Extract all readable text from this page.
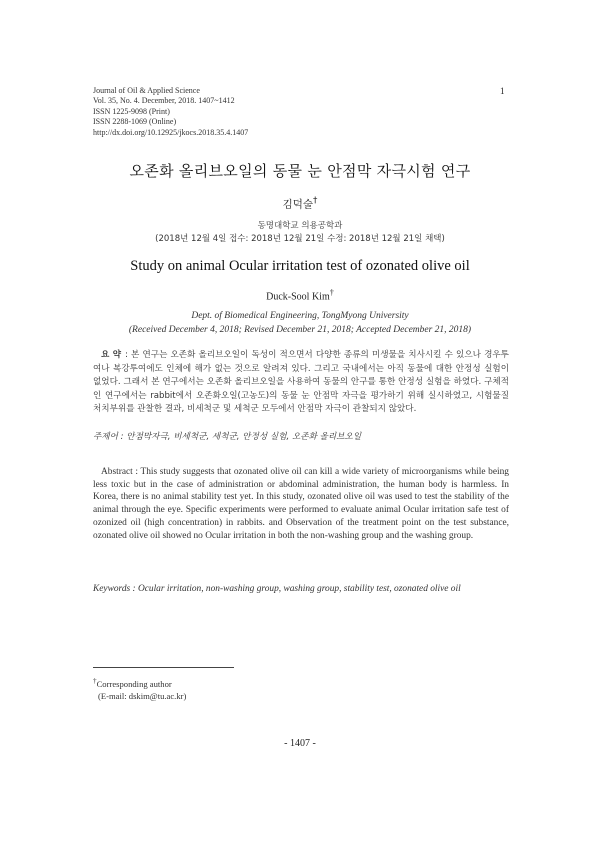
Journal of Oil & Applied Science
Vol. 35, No. 4. December, 2018. 1407~1412
ISSN 1225-9098 (Print)
ISSN 2288-1069 (Online)
http://dx.doi.org/10.12925/jkocs.2018.35.4.1407
1
오존화 올리브오일의 동물 눈 안점막 자극시험 연구
김덕술†
동명대학교 의용공학과
(2018년 12월 4일 접수: 2018년 12월 21일 수정: 2018년 12월 21일 채택)
Study on animal Ocular irritation test of ozonated olive oil
Duck-Sool Kim†
Dept. of Biomedical Engineering, TongMyong University
(Received December 4, 2018; Revised December 21, 2018; Accepted December 21, 2018)
요 약 : 본 연구는 오존화 올리브오일이 독성이 적으면서 다양한 종류의 미생물을 치사시킬 수 있으나 경우투여나 복강투여에도 인체에 해가 없는 것으로 알려져 있다. 그리고 국내에서는 아직 동물에 대한 안정성 실험이 없었다. 그래서 본 연구에서는 오존화 올리브오일을 사용하여 동물의 안구를 통한 안정성 실험을 하였다. 구체적인 연구에서는 rabbit에서 오존화오일(고농도)의 동물 눈 안점막 자극을 평가하기 위해 실시하였고, 시험물질 처치부위를 관찰한 결과, 비세척군 및 세척군 모두에서 안점막 자극이 관찰되지 않았다.
주제어 : 안점막자극, 비세척군, 세척군, 안정성 실험, 오존화 올리브오일
Abstract : This study suggests that ozonated olive oil can kill a wide variety of microorganisms while being less toxic but in the case of administration or abdominal administration, the human body is harmless. In Korea, there is no animal stability test yet. In this study, ozonated olive oil was used to test the stability of the animal through the eye. Specific experiments were performed to evaluate animal Ocular irritation safe test of ozonized oil (high concentration) in rabbits. and Observation of the treatment point on the test substance, ozonated olive oil showed no Ocular irritation in both the non-washing group and the washing group.
Keywords : Ocular irritation, non-washing group, washing group, stability test, ozonated olive oil
†Corresponding author
(E-mail: dskim@tu.ac.kr)
- 1407 -
